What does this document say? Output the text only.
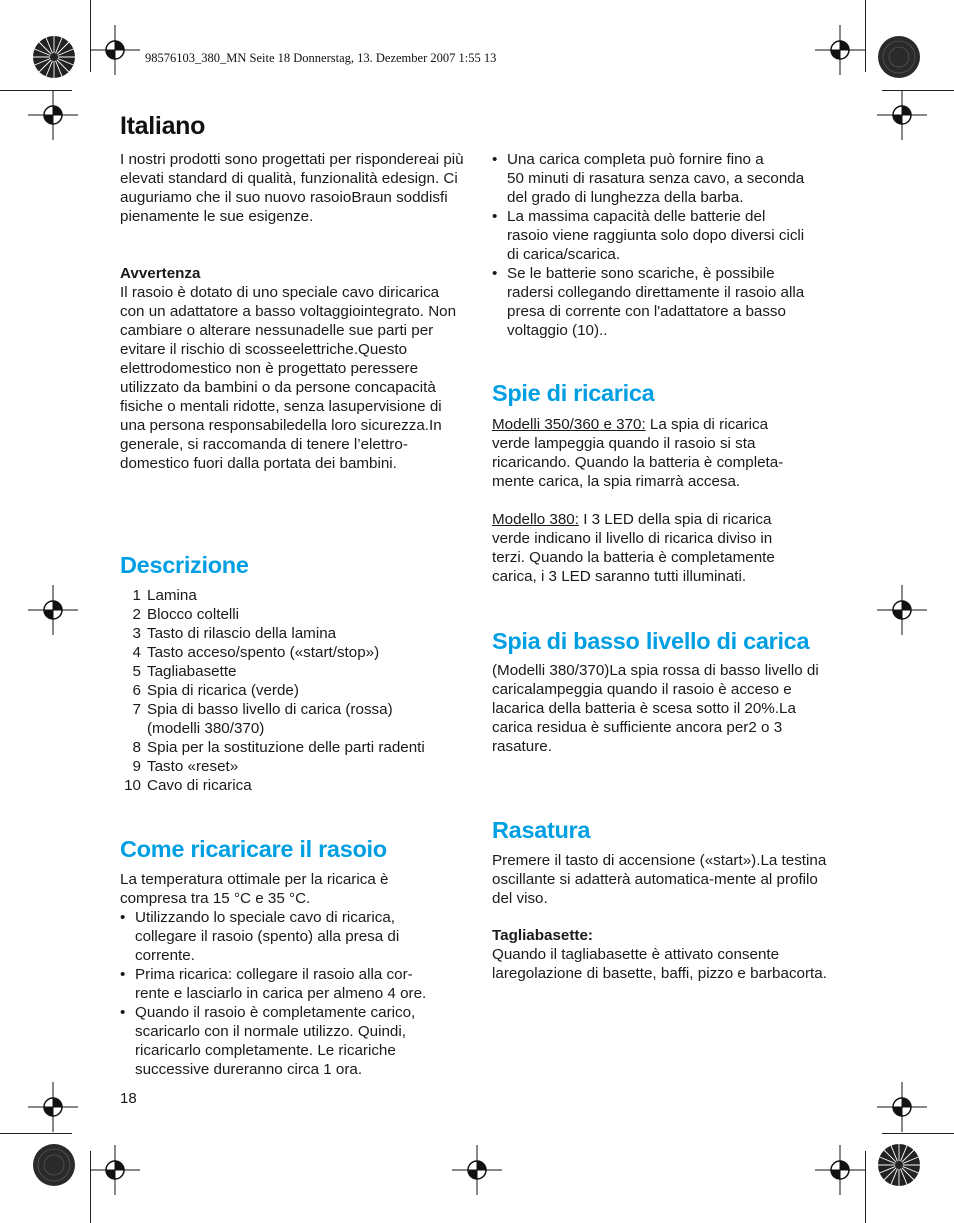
98576103_380_MN Seite 18 Donnerstag, 13. Dezember 2007 1:55 13
Italiano
I nostri prodotti sono progettati per rispondereai più elevati standard di qualità, funzionalità edesign. Ci auguriamo che il suo nuovo rasoioBraun soddisfi pienamente le sue esigenze.
Avvertenza
Il rasoio è dotato di uno speciale cavo diricarica con un adattatore a basso voltaggiointegrato. Non cambiare o alterare nessunadelle sue parti per evitare il rischio di scosseelettriche.Questo elettrodomestico non è progettato peressere utilizzato da bambini o da persone concapacità fisiche o mentali ridotte, senza lasupervisione di una persona responsabiledella loro sicurezza.In generale, si raccomanda di tenere l’elettro-domestico fuori dalla portata dei bambini.
Descrizione
1 Lamina
2 Blocco coltelli
3 Tasto di rilascio della lamina
4 Tasto acceso/spento («start/stop»)
5 Tagliabasette
6 Spia di ricarica (verde)
7 Spia di basso livello di carica (rossa)
(modelli 380/370)
8 Spia per la sostituzione delle parti radenti
9 Tasto «reset»
10 Cavo di ricarica
Come ricaricare il rasoio
La temperatura ottimale per la ricarica è
compresa tra 15 °C e 35 °C.
• Utilizzando lo speciale cavo di ricarica,
collegare il rasoio (spento) alla presa di
corrente.
• Prima ricarica: collegare il rasoio alla cor-
rente e lasciarlo in carica per almeno 4 ore.
• Quando il rasoio è completamente carico,
scaricarlo con il normale utilizzo. Quindi,
ricaricarlo completamente. Le ricariche
successive dureranno circa 1 ora.
18
• Una carica completa può fornire fino a
50 minuti di rasatura senza cavo, a seconda
del grado di lunghezza della barba.
• La massima capacità delle batterie del
rasoio viene raggiunta solo dopo diversi cicli
di carica/scarica.
• Se le batterie sono scariche, è possibile
radersi collegando direttamente il rasoio alla
presa di corrente con l'adattatore a basso
voltaggio (10)..
Spie di ricarica
Modelli 350/360 e 370: La spia di ricarica
verde lampeggia quando il rasoio si sta
ricaricando. Quando la batteria è completa-
mente carica, la spia rimarrà accesa.
Modello 380: I 3 LED della spia di ricarica
verde indicano il livello di ricarica diviso in
terzi. Quando la batteria è completamente
carica, i 3 LED saranno tutti illuminati.
Spia di basso livello di carica
(Modelli 380/370)La spia rossa di basso livello di caricalampeggia quando il rasoio è acceso e lacarica della batteria è scesa sotto il 20%.La carica residua è sufficiente ancora per2 o 3 rasature.
Rasatura
Premere il tasto di accensione («start»).La testina oscillante si adatterà automatica-mente al profilo del viso.
Tagliabasette:
Quando il tagliabasette è attivato consente laregolazione di basette, baffi, pizzo e barbacorta.
